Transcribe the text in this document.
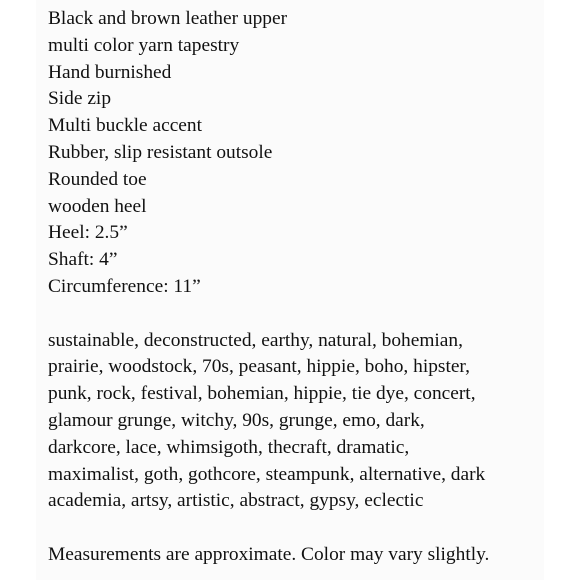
Black and brown leather upper
multi color yarn tapestry
Hand burnished
Side zip
Multi buckle accent
Rubber, slip resistant outsole
Rounded toe
wooden heel
Heel: 2.5”
Shaft: 4”
Circumference: 11”
sustainable, deconstructed, earthy, natural, bohemian,
prairie, woodstock, 70s, peasant, hippie, boho, hipster,
punk, rock, festival, bohemian, hippie, tie dye, concert,
glamour grunge, witchy, 90s, grunge, emo, dark,
darkcore, lace, whimsigoth, thecraft, dramatic,
maximalist, goth, gothcore, steampunk, alternative, dark
academia, artsy, artistic, abstract, gypsy, eclectic
Measurements are approximate. Color may vary slightly.
